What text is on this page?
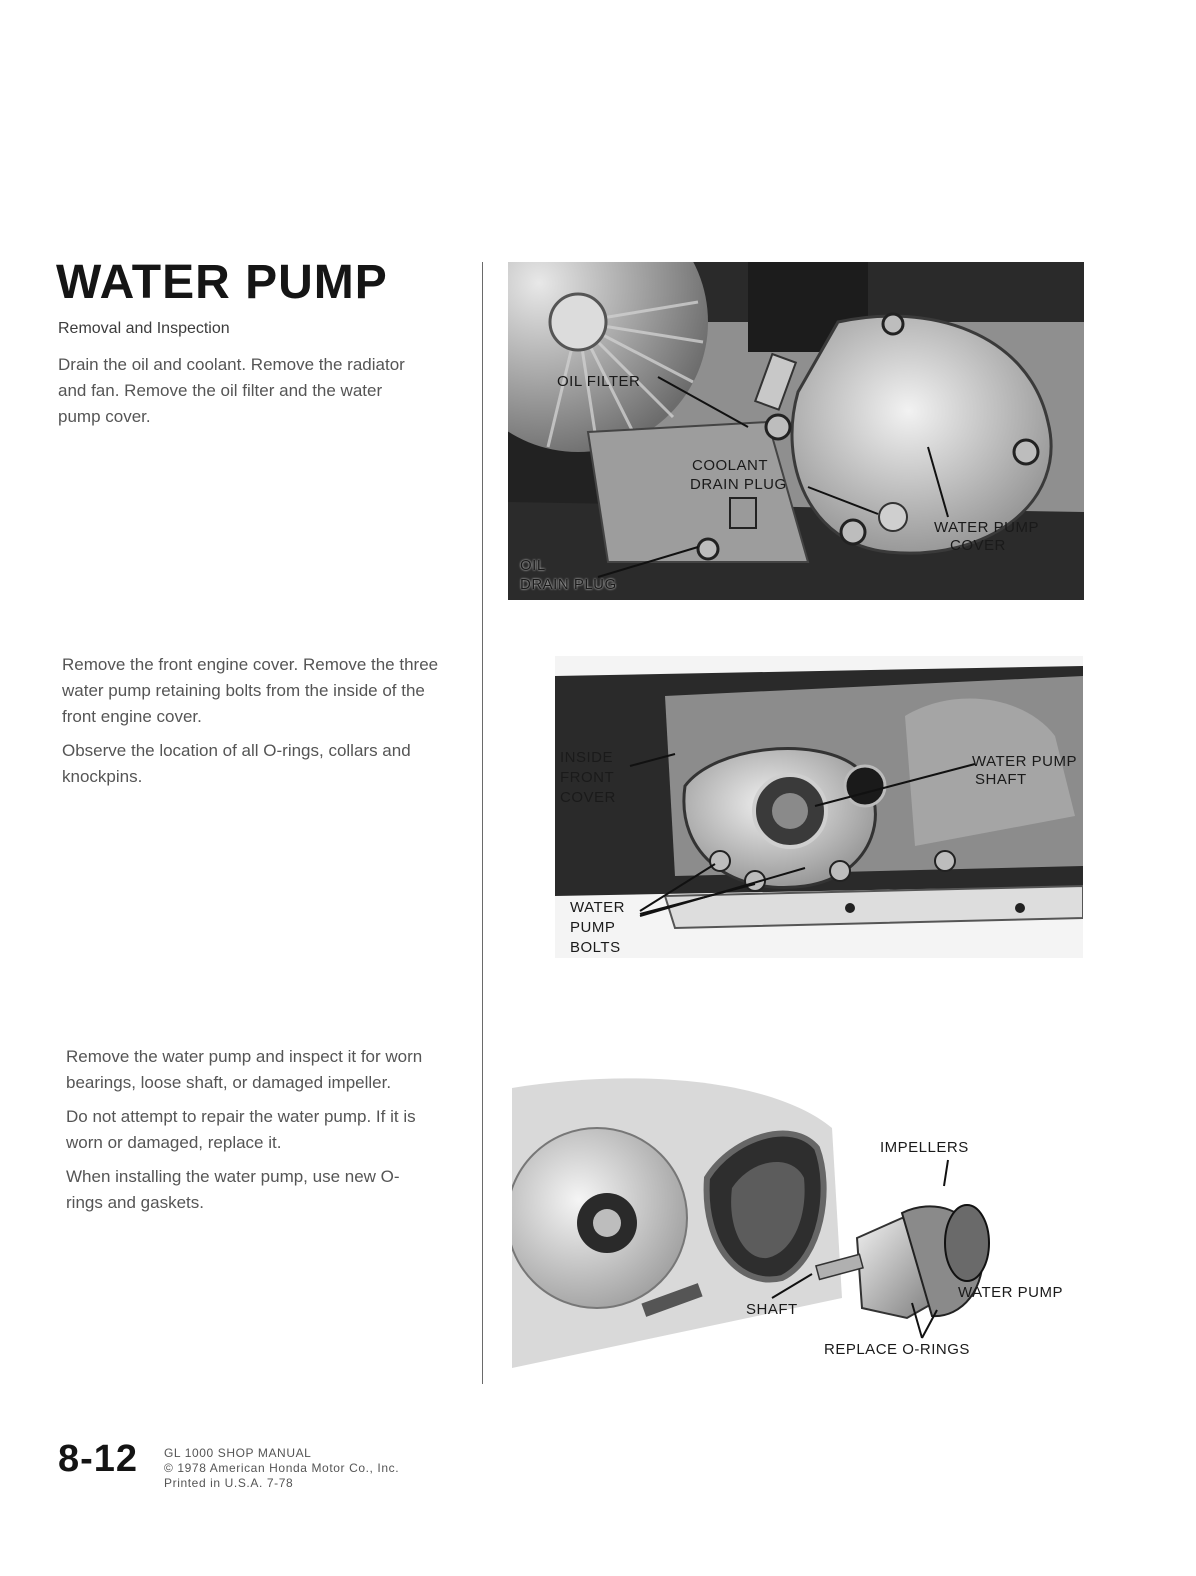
WATER PUMP
Removal and Inspection

Drain the oil and coolant. Remove the radiator and fan. Remove the oil filter and the water pump cover.

Remove the front engine cover. Remove the three water pump retaining bolts from the inside of the front engine cover.

Observe the location of all O-rings, collars and knockpins.

Remove the water pump and inspect it for worn bearings, loose shaft, or damaged impeller.

Do not attempt to repair the water pump. If it is worn or damaged, replace it.

When installing the water pump, use new O-rings and gaskets.

OIL FILTER
COOLANT
DRAIN PLUG
WATER PUMP
COVER
OIL
DRAIN PLUG
INSIDE
FRONT
COVER
WATER PUMP
SHAFT
WATER
PUMP
BOLTS
IMPELLERS
WATER PUMP
SHAFT
REPLACE O-RINGS
8-12 GL 1000 SHOP MANUAL
© 1978 American Honda Motor Co., Inc.
Printed in U.S.A. 7-78
